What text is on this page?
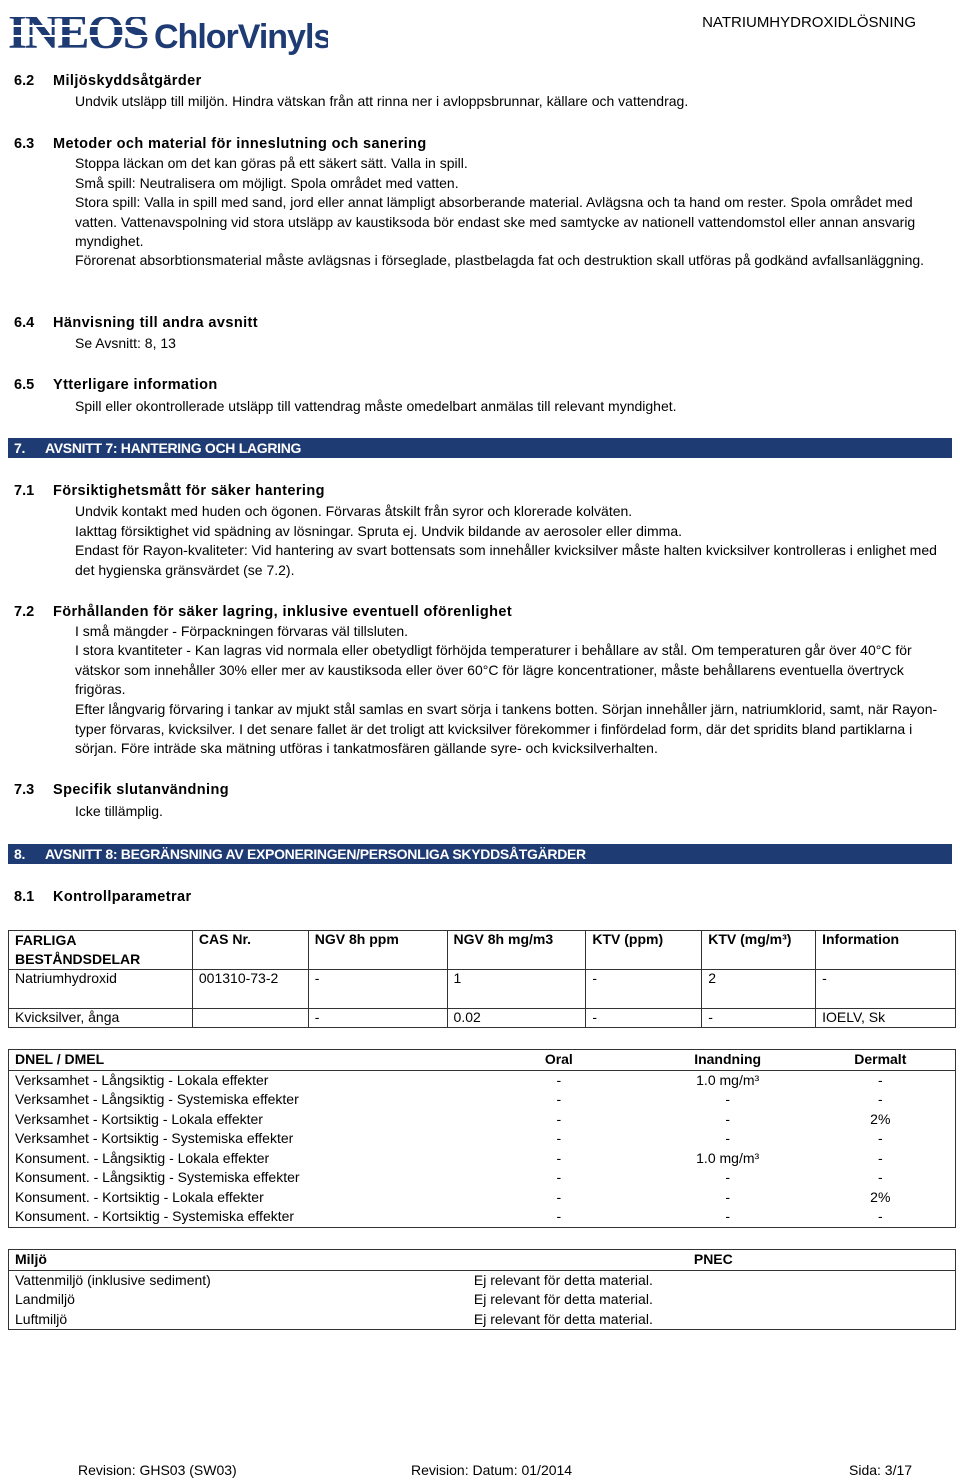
INEOS ChlorVinyls	NATRIUMHYDROXIDLÖSNING
6.2 Miljöskyddsåtgärder
Undvik utsläpp till miljön. Hindra vätskan från att rinna ner i avloppsbrunnar, källare och vattendrag.
6.3 Metoder och material för inneslutning och sanering
Stoppa läckan om det kan göras på ett säkert sätt. Valla in spill.
Små spill: Neutralisera om möjligt. Spola området med vatten.
Stora spill: Valla in spill med sand, jord eller annat lämpligt absorberande material. Avlägsna och ta hand om rester. Spola området med vatten. Vattenavspolning vid stora utsläpp av kaustiksoda bör endast ske med samtycke av nationell vattendomstol eller annan ansvarig myndighet.
Förorenat absorbtionsmaterial måste avlägsnas i förseglade, plastbelagda fat och destruktion skall utföras på godkänd avfallsanläggning.
6.4 Hänvisning till andra avsnitt
Se Avsnitt: 8, 13
6.5 Ytterligare information
Spill eller okontrollerade utsläpp till vattendrag måste omedelbart anmälas till relevant myndighet.
7. AVSNITT 7: HANTERING OCH LAGRING
7.1 Försiktighetsmått för säker hantering
Undvik kontakt med huden och ögonen. Förvaras åtskilt från syror och klorerade kolväten.
Iakttag försiktighet vid spädning av lösningar. Spruta ej. Undvik bildande av aerosoler eller dimma.
Endast för Rayon-kvaliteter: Vid hantering av svart bottensats som innehåller kvicksilver måste halten kvicksilver kontrolleras i enlighet med det hygienska gränsvärdet (se 7.2).
7.2 Förhållanden för säker lagring, inklusive eventuell oförenlighet
I små mängder - Förpackningen förvaras väl tillsluten.
I stora kvantiteter - Kan lagras vid normala eller obetydligt förhöjda temperaturer i behållare av stål. Om temperaturen går över 40°C för vätskor som innehåller 30% eller mer av kaustiksoda eller över 60°C för lägre koncentrationer, måste behållarens eventuella övertryck frigöras.
Efter långvarig förvaring i tankar av mjukt stål samlas en svart sörja i tankens botten. Sörjan innehåller järn, natriumklorid, samt, när Rayon-typer förvaras, kvicksilver. I det senare fallet är det troligt att kvicksilver förekommer i finfördelad form, där det spridits bland partiklarna i sörjan. Före inträde ska mätning utföras i tankatmosfären gällande syre- och kvicksilverhalten.
7.3 Specifik slutanvändning
Icke tillämplig.
8. AVSNITT 8: BEGRÄNSNING AV EXPONERINGEN/PERSONLIGA SKYDDSÅTGÄRDER
8.1 Kontrollparametrar
FARLIGA BESTÅNDSDELAR	CAS Nr.	NGV 8h ppm	NGV 8h mg/m3	KTV (ppm)	KTV (mg/m³)	Information
Natriumhydroxid	001310-73-2	-	1	-	2	-
Kvicksilver, ånga		-	0.02	-	-	IOELV, Sk
DNEL / DMEL	Oral	Inandning	Dermalt
Verksamhet - Långsiktig - Lokala effekter	-	1.0 mg/m³	-
Verksamhet - Långsiktig - Systemiska effekter	-	-	-
Verksamhet - Kortsiktig - Lokala effekter	-	-	2%
Verksamhet - Kortsiktig - Systemiska effekter	-	-	-
Konsument. - Långsiktig - Lokala effekter	-	1.0 mg/m³	-
Konsument. - Långsiktig - Systemiska effekter	-	-	-
Konsument. - Kortsiktig - Lokala effekter	-	-	2%
Konsument. - Kortsiktig - Systemiska effekter	-	-	-
Miljö	PNEC
Vattenmiljö (inklusive sediment)	Ej relevant för detta material.
Landmiljö	Ej relevant för detta material.
Luftmiljö	Ej relevant för detta material.
Revision: GHS03 (SW03)	Revision: Datum: 01/2014	Sida: 3/17
